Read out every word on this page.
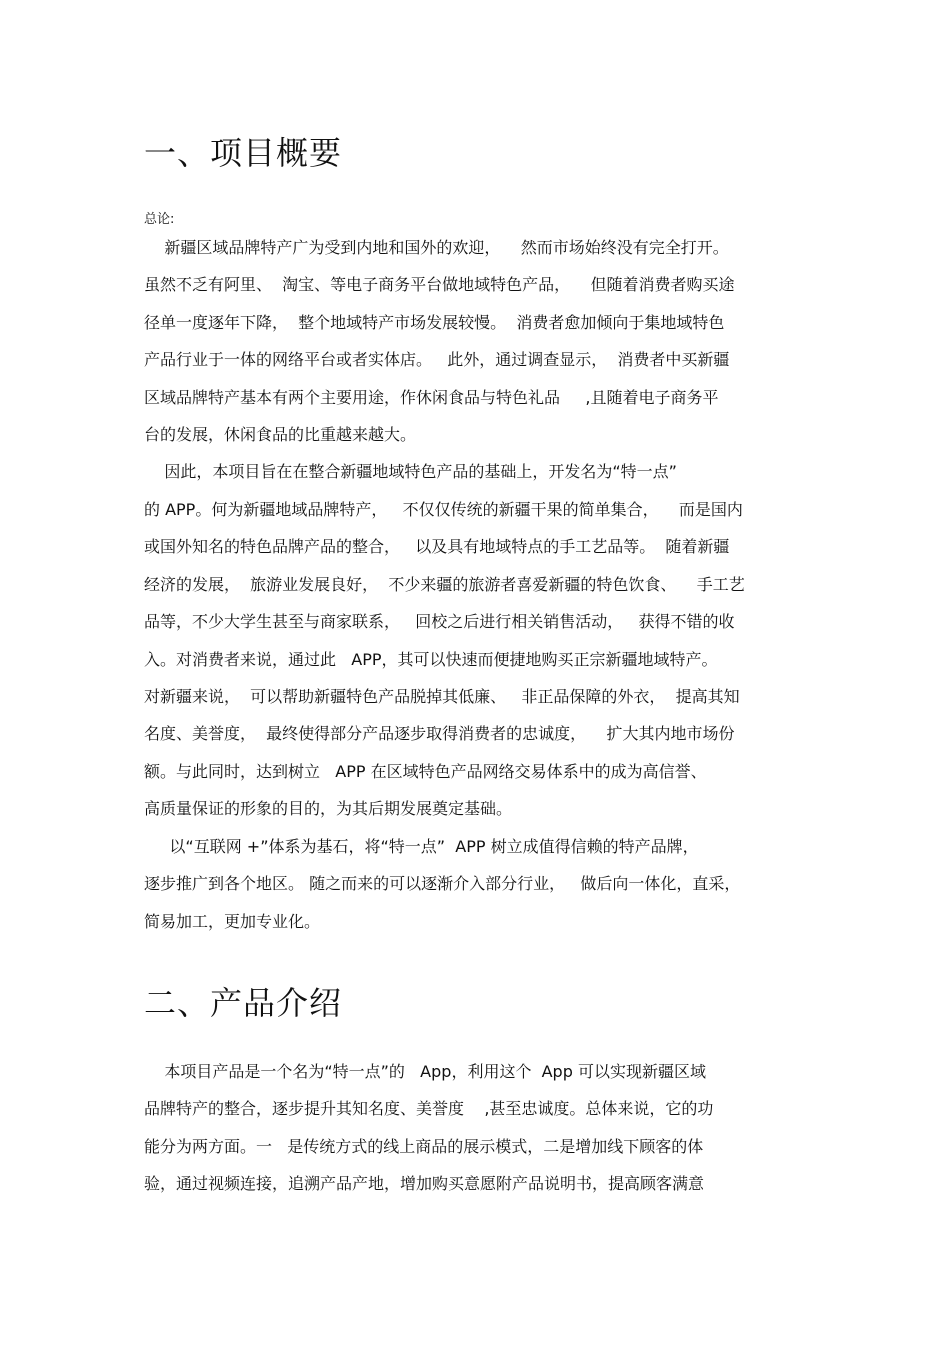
一、项目概要
总论:
新疆区域品牌特产广为受到内地和国外的欢迎，    然而市场始终没有完全打开。
虽然不乏有阿里、  淘宝、等电子商务平台做地域特色产品，    但随着消费者购买途
径单一度逐年下降，  整个地域特产市场发展较慢。  消费者愈加倾向于集地域特色
产品行业于一体的网络平台或者实体店。   此外，通过调查显示，  消费者中买新疆
区域品牌特产基本有两个主要用途，作休闲食品与特色礼品     ,且随着电子商务平
台的发展，休闲食品的比重越来越大。
因此，本项目旨在在整合新疆地域特色产品的基础上，开发名为“特一点”
的 APP。何为新疆地域品牌特产，   不仅仅传统的新疆干果的简单集合，    而是国内
或国外知名的特色品牌产品的整合，   以及具有地域特点的手工艺品等。  随着新疆
经济的发展，  旅游业发展良好，  不少来疆的旅游者喜爱新疆的特色饮食、    手工艺
品等，不少大学生甚至与商家联系，   回校之后进行相关销售活动，   获得不错的收
入。对消费者来说，通过此   APP，其可以快速而便捷地购买正宗新疆地域特产。
对新疆来说，  可以帮助新疆特色产品脱掉其低廉、   非正品保障的外衣，  提高其知
名度、美誉度，  最终使得部分产品逐步取得消费者的忠诚度，    扩大其内地市场份
额。与此同时，达到树立   APP 在区域特色产品网络交易体系中的成为高信誉、
高质量保证的形象的目的，为其后期发展奠定基础。
以“互联网 +”体系为基石，将“特一点”  APP 树立成值得信赖的特产品牌，
逐步推广到各个地区。 随之而来的可以逐渐介入部分行业，   做后向一体化，直采，
简易加工，更加专业化。
二、产品介绍
本项目产品是一个名为“特一点”的   App，利用这个  App 可以实现新疆区域
品牌特产的整合，逐步提升其知名度、美誉度    ,甚至忠诚度。总体来说，它的功
能分为两方面。一   是传统方式的线上商品的展示模式，二是增加线下顾客的体
验，通过视频连接，追溯产品产地，增加购买意愿附产品说明书，提高顾客满意
